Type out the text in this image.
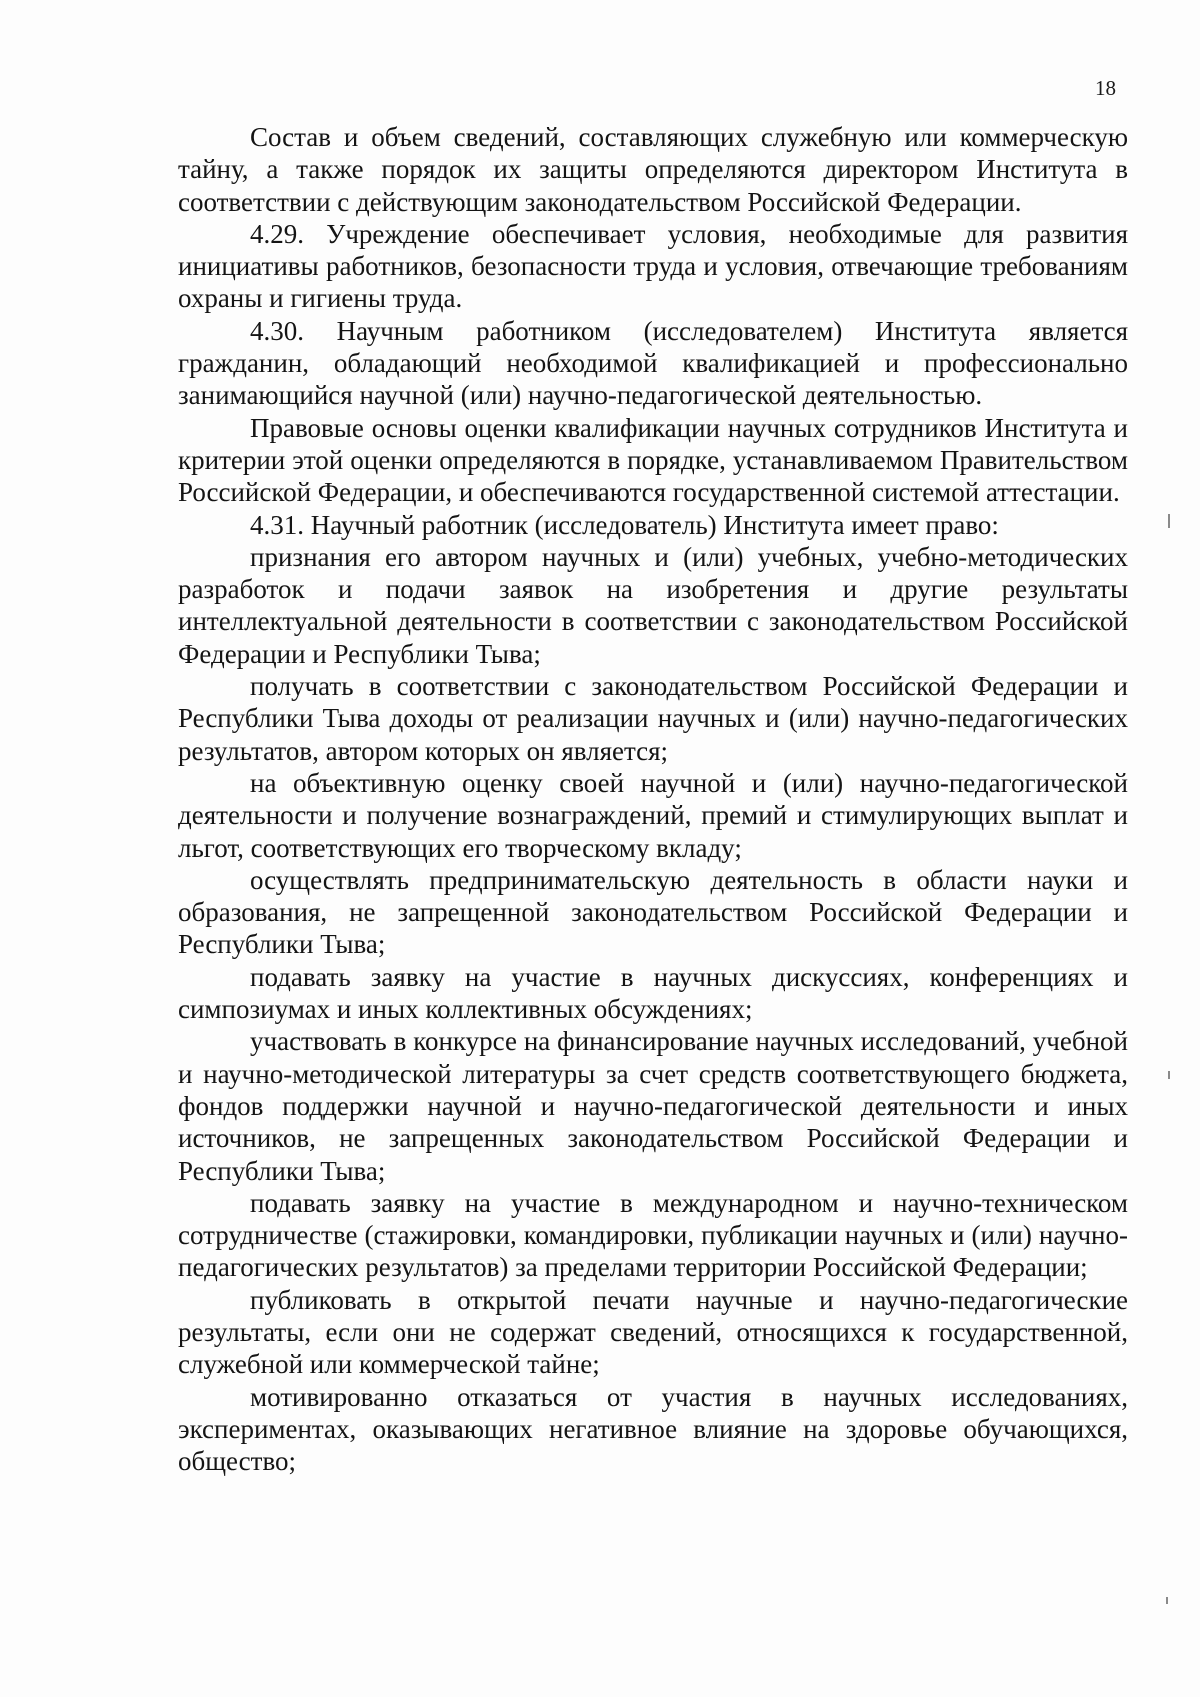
18

Состав и объем сведений, составляющих служебную или коммерческую тайну, а также порядок их защиты определяются директором Института в соответствии с действующим законодательством Российской Федерации.

4.29. Учреждение обеспечивает условия, необходимые для развития инициативы работников, безопасности труда и условия, отвечающие требованиям охраны и гигиены труда.

4.30. Научным работником (исследователем) Института является гражданин, обладающий необходимой квалификацией и профессионально занимающийся научной (или) научно-педагогической деятельностью.

Правовые основы оценки квалификации научных сотрудников Института и критерии этой оценки определяются в порядке, устанавливаемом Правительством Российской Федерации, и обеспечиваются государственной системой аттестации.

4.31. Научный работник (исследователь) Института имеет право:

признания его автором научных и (или) учебных, учебно-методических разработок и подачи заявок на изобретения и другие результаты интеллектуальной деятельности в соответствии с законодательством Российской Федерации и Республики Тыва;

получать в соответствии с законодательством Российской Федерации и Республики Тыва доходы от реализации научных и (или) научно-педагогических результатов, автором которых он является;

на объективную оценку своей научной и (или) научно-педагогической деятельности и получение вознаграждений, премий и стимулирующих выплат и льгот, соответствующих его творческому вкладу;

осуществлять предпринимательскую деятельность в области науки и образования, не запрещенной законодательством Российской Федерации и Республики Тыва;

подавать заявку на участие в научных дискуссиях, конференциях и симпозиумах и иных коллективных обсуждениях;

участвовать в конкурсе на финансирование научных исследований, учебной и научно-методической литературы за счет средств соответствующего бюджета, фондов поддержки научной и научно-педагогической деятельности и иных источников, не запрещенных законодательством Российской Федерации и Республики Тыва;

подавать заявку на участие в международном и научно-техническом сотрудничестве (стажировки, командировки, публикации научных и (или) научно-педагогических результатов) за пределами территории Российской Федерации;

публиковать в открытой печати научные и научно-педагогические результаты, если они не содержат сведений, относящихся к государственной, служебной или коммерческой тайне;

мотивированно отказаться от участия в научных исследованиях, экспериментах, оказывающих негативное влияние на здоровье обучающихся, общество;
